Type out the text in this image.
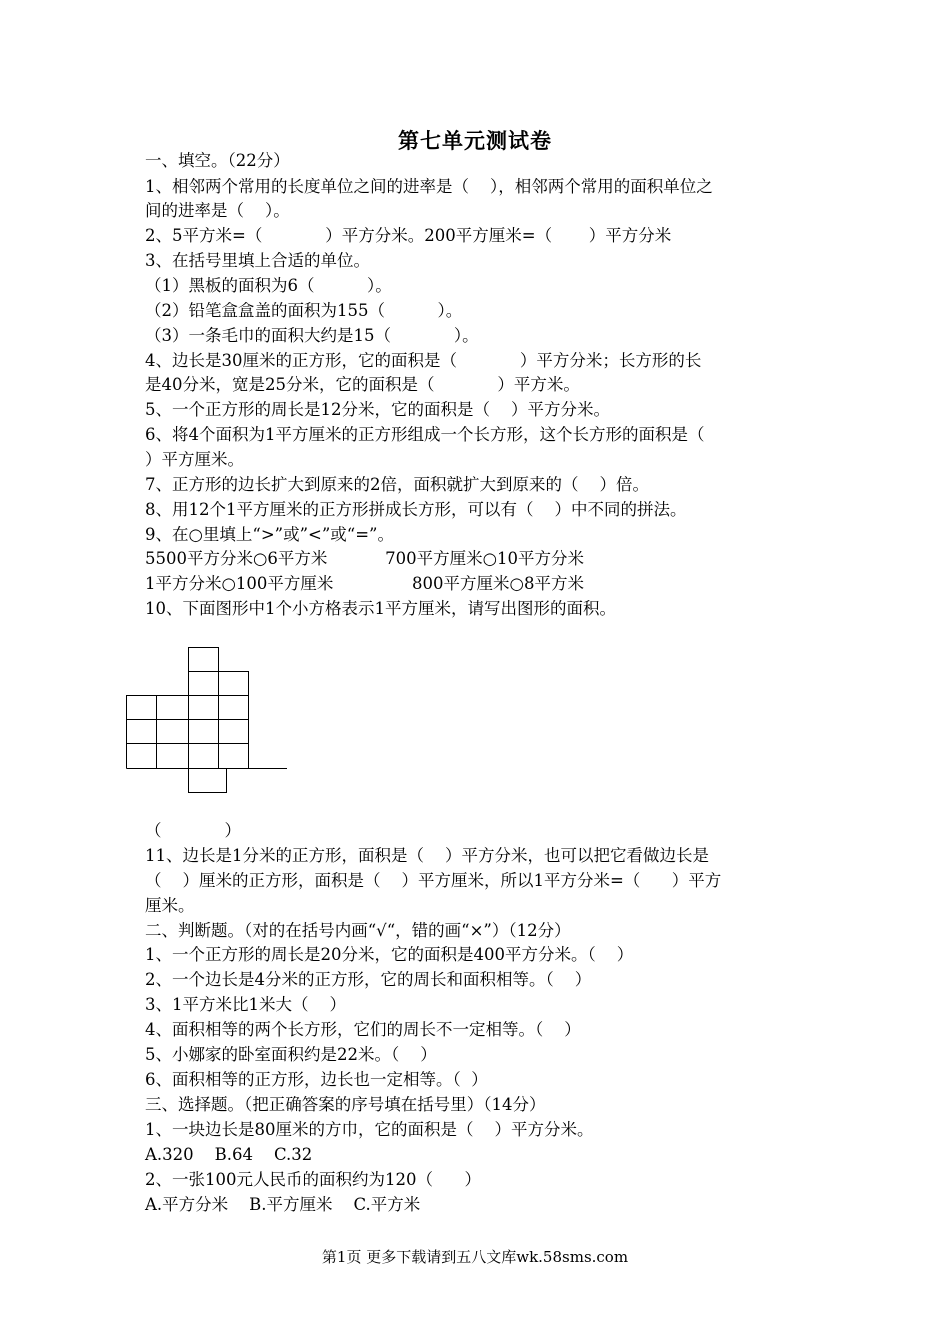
第七单元测试卷
一、填空。（22分）
1、相邻两个常用的长度单位之间的进率是（    ），相邻两个常用的面积单位之
间的进率是（    ）。
2、5平方米=（            ）平方分米。200平方厘米=（       ）平方分米
3、在括号里填上合适的单位。
（1）黑板的面积为6（          ）。
（2）铅笔盒盒盖的面积为155（          ）。
（3）一条毛巾的面积大约是15（            ）。
4、边长是30厘米的正方形，它的面积是（            ）平方分米；长方形的长
是40分米，宽是25分米，它的面积是（            ）平方米。
5、一个正方形的周长是12分米，它的面积是（    ）平方分米。
6、将4个面积为1平方厘米的正方形组成一个长方形，这个长方形的面积是（
）平方厘米。
7、正方形的边长扩大到原来的2倍，面积就扩大到原来的（    ）倍。
8、用12个1平方厘米的正方形拼成长方形，可以有（    ）中不同的拼法。
9、在○里填上“>”或”<”或“=”。
5500平方分米○6平方米           700平方厘米○10平方分米
1平方分米○100平方厘米               800平方厘米○8平方米
10、下面图形中1个小方格表示1平方厘米，请写出图形的面积。
（            ）
11、边长是1分米的正方形，面积是（    ）平方分米，也可以把它看做边长是
（    ）厘米的正方形，面积是（    ）平方厘米，所以1平方分米=（      ）平方
厘米。
二、判断题。（对的在括号内画“√“，错的画“×”）（12分）
1、一个正方形的周长是20分米，它的面积是400平方分米。（    ）
2、一个边长是4分米的正方形，它的周长和面积相等。（    ）
3、1平方米比1米大（    ）
4、面积相等的两个长方形，它们的周长不一定相等。（    ）
5、小娜家的卧室面积约是22米。（    ）
6、面积相等的正方形，边长也一定相等。（  ）
三、选择题。（把正确答案的序号填在括号里）（14分）
1、一块边长是80厘米的方巾，它的面积是（    ）平方分米。
A.320    B.64    C.32
2、一张100元人民币的面积约为120（      ）
A.平方分米    B.平方厘米    C.平方米
第1页 更多下载请到五八文库wk.58sms.com
